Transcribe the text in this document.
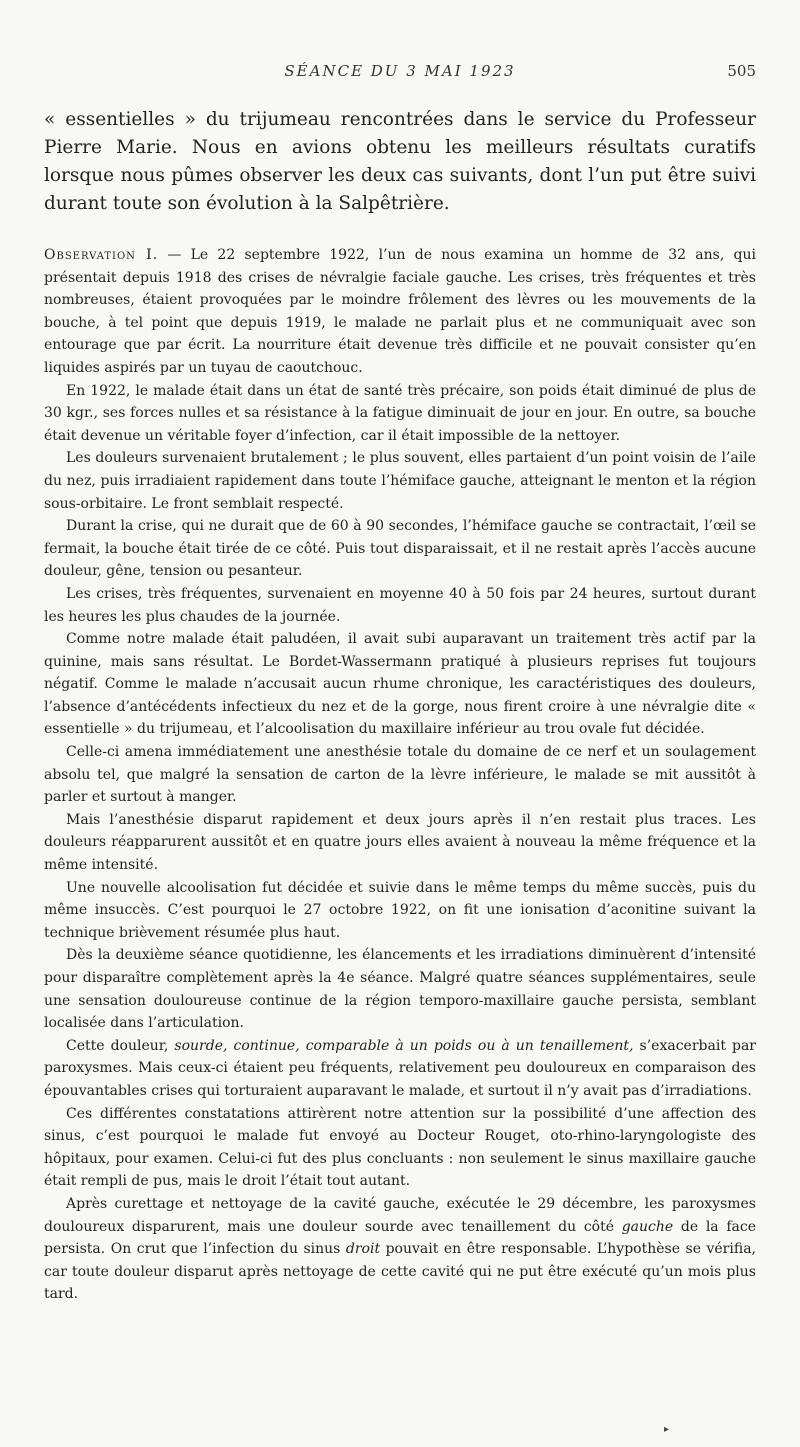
SÉANCE DU 3 MAI 1923	505

« essentielles » du trijumeau rencontrées dans le service du Professeur Pierre Marie. Nous en avions obtenu les meilleurs résultats curatifs lorsque nous pûmes observer les deux cas suivants, dont l’un put être suivi durant toute son évolution à la Salpêtrière.

Observation I. — Le 22 septembre 1922, l’un de nous examina un homme de 32 ans, qui présentait depuis 1918 des crises de névralgie faciale gauche. Les crises, très fréquentes et très nombreuses, étaient provoquées par le moindre frôlement des lèvres ou les mouvements de la bouche, à tel point que depuis 1919, le malade ne parlait plus et ne communiquait avec son entourage que par écrit. La nourriture était devenue très difficile et ne pouvait consister qu’en liquides aspirés par un tuyau de caoutchouc.

En 1922, le malade était dans un état de santé très précaire, son poids était diminué de plus de 30 kgr., ses forces nulles et sa résistance à la fatigue diminuait de jour en jour. En outre, sa bouche était devenue un véritable foyer d’infection, car il était impossible de la nettoyer.

Les douleurs survenaient brutalement ; le plus souvent, elles partaient d’un point voisin de l’aile du nez, puis irradiaient rapidement dans toute l’hémiface gauche, atteignant le menton et la région sous-orbitaire. Le front semblait respecté.

Durant la crise, qui ne durait que de 60 à 90 secondes, l’hémiface gauche se contractait, l’œil se fermait, la bouche était tirée de ce côté. Puis tout disparaissait, et il ne restait après l’accès aucune douleur, gêne, tension ou pesanteur.

Les crises, très fréquentes, survenaient en moyenne 40 à 50 fois par 24 heures, surtout durant les heures les plus chaudes de la journée.

Comme notre malade était paludéen, il avait subi auparavant un traitement très actif par la quinine, mais sans résultat. Le Bordet-Wassermann pratiqué à plusieurs reprises fut toujours négatif. Comme le malade n’accusait aucun rhume chronique, les caractéristiques des douleurs, l’absence d’antécédents infectieux du nez et de la gorge, nous firent croire à une névralgie dite « essentielle » du trijumeau, et l’alcoolisation du maxillaire inférieur au trou ovale fut décidée.

Celle-ci amena immédiatement une anesthésie totale du domaine de ce nerf et un soulagement absolu tel, que malgré la sensation de carton de la lèvre inférieure, le malade se mit aussitôt à parler et surtout à manger.

Mais l’anesthésie disparut rapidement et deux jours après il n’en restait plus traces. Les douleurs réapparurent aussitôt et en quatre jours elles avaient à nouveau la même fréquence et la même intensité.

Une nouvelle alcoolisation fut décidée et suivie dans le même temps du même succès, puis du même insuccès. C’est pourquoi le 27 octobre 1922, on fit une ionisation d’aconitine suivant la technique brièvement résumée plus haut.

Dès la deuxième séance quotidienne, les élancements et les irradiations diminuèrent d’intensité pour disparaître complètement après la 4e séance. Malgré quatre séances supplémentaires, seule une sensation douloureuse continue de la région temporo-maxillaire gauche persista, semblant localisée dans l’articulation.

Cette douleur, sourde, continue, comparable à un poids ou à un tenaillement, s’exacerbait par paroxysmes. Mais ceux-ci étaient peu fréquents, relativement peu douloureux en comparaison des épouvantables crises qui torturaient auparavant le malade, et surtout il n’y avait pas d’irradiations.

Ces différentes constatations attirèrent notre attention sur la possibilité d’une affection des sinus, c’est pourquoi le malade fut envoyé au Docteur Rouget, oto-rhino-laryngologiste des hôpitaux, pour examen. Celui-ci fut des plus concluants : non seulement le sinus maxillaire gauche était rempli de pus, mais le droit l’était tout autant.

Après curettage et nettoyage de la cavité gauche, exécutée le 29 décembre, les paroxysmes douloureux disparurent, mais une douleur sourde avec tenaillement du côté gauche de la face persista. On crut que l’infection du sinus droit pouvait en être responsable. L’hypothèse se vérifia, car toute douleur disparut après nettoyage de cette cavité qui ne put être exécuté qu’un mois plus tard.

▸
